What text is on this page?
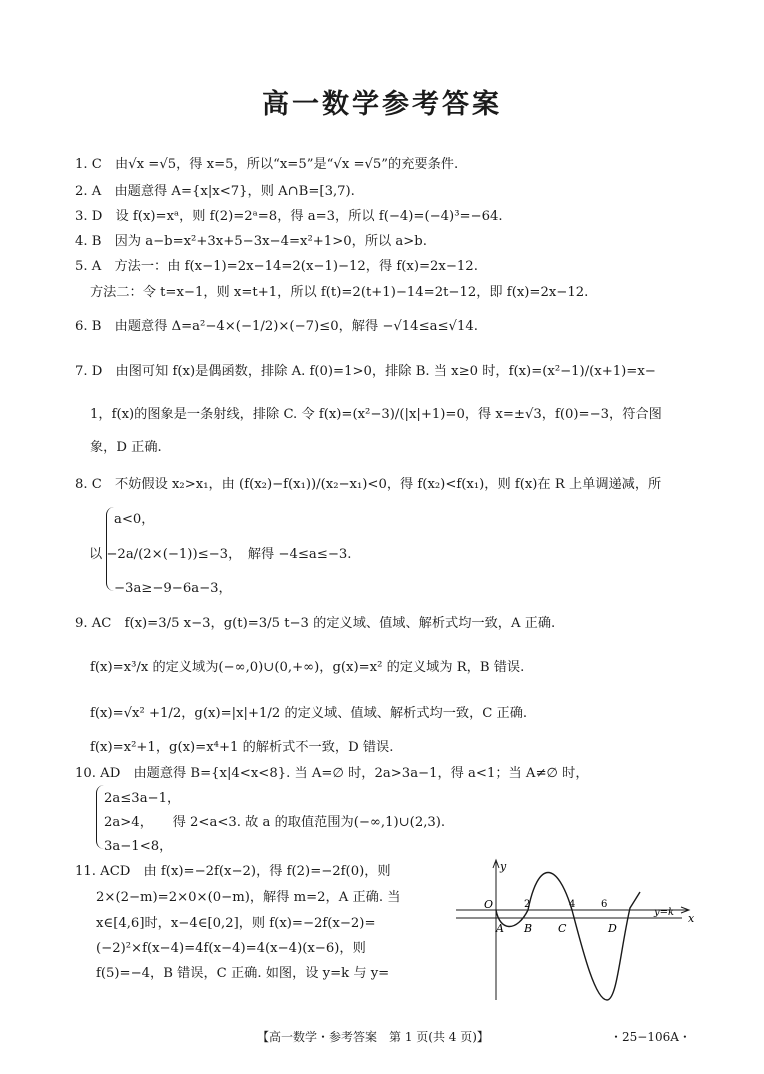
高一数学参考答案
1. C　由√x =√5，得 x=5，所以“x=5”是“√x =√5”的充要条件.
2. A　由题意得 A={x|x<7}，则 A∩B=[3,7).
3. D　设 f(x)=xᵃ，则 f(2)=2ᵃ=8，得 a=3，所以 f(−4)=(−4)³=−64.
4. B　因为 a−b=x²+3x+5−3x−4=x²+1>0，所以 a>b.
5. A　方法一：由 f(x−1)=2x−14=2(x−1)−12，得 f(x)=2x−12.
方法二：令 t=x−1，则 x=t+1，所以 f(t)=2(t+1)−14=2t−12，即 f(x)=2x−12.
6. B　由题意得 Δ=a²−4×(−1/2)×(−7)≤0，解得 −√14≤a≤√14.
7. D　由图可知 f(x)是偶函数，排除 A. f(0)=1>0，排除 B. 当 x≥0 时，f(x)=(x²−1)/(x+1)=x−
1，f(x)的图象是一条射线，排除 C. 令 f(x)=(x²−3)/(|x|+1)=0，得 x=±√3，f(0)=−3，符合图
象，D 正确.
8. C　不妨假设 x₂>x₁，由 (f(x₂)−f(x₁))/(x₂−x₁)<0，得 f(x₂)<f(x₁)，则 f(x)在 R 上单调递减，所
a<0，
以 −2a/(2×(−1))≤−3，　解得 −4≤a≤−3.
−3a≥−9−6a−3，
9. AC　f(x)=3/5 x−3，g(t)=3/5 t−3 的定义域、值域、解析式均一致，A 正确.
f(x)=x³/x 的定义域为(−∞,0)∪(0,+∞)，g(x)=x² 的定义域为 R，B 错误.
f(x)=√x² +1/2，g(x)=|x|+1/2 的定义域、值域、解析式均一致，C 正确.
f(x)=x²+1，g(x)=x⁴+1 的解析式不一致，D 错误.
10. AD　由题意得 B={x|4<x<8}. 当 A=∅ 时，2a>3a−1，得 a<1；当 A≠∅ 时，
2a≤3a−1，
2a>4，　　得 2<a<3. 故 a 的取值范围为(−∞,1)∪(2,3).
3a−1<8，
11. ACD　由 f(x)=−2f(x−2)，得 f(2)=−2f(0)，则
2×(2−m)=2×0×(0−m)，解得 m=2，A 正确. 当
x∈[4,6]时，x−4∈[0,2]，则 f(x)=−2f(x−2)=
(−2)²×f(x−4)=4f(x−4)=4(x−4)(x−6)，则
f(5)=−4，B 错误，C 正确. 如图，设 y=k 与 y=
y
x
O	2	4	6
A B C	D
y=k
【高一数学・参考答案　第 1 页(共 4 页)】	・25−106A・
